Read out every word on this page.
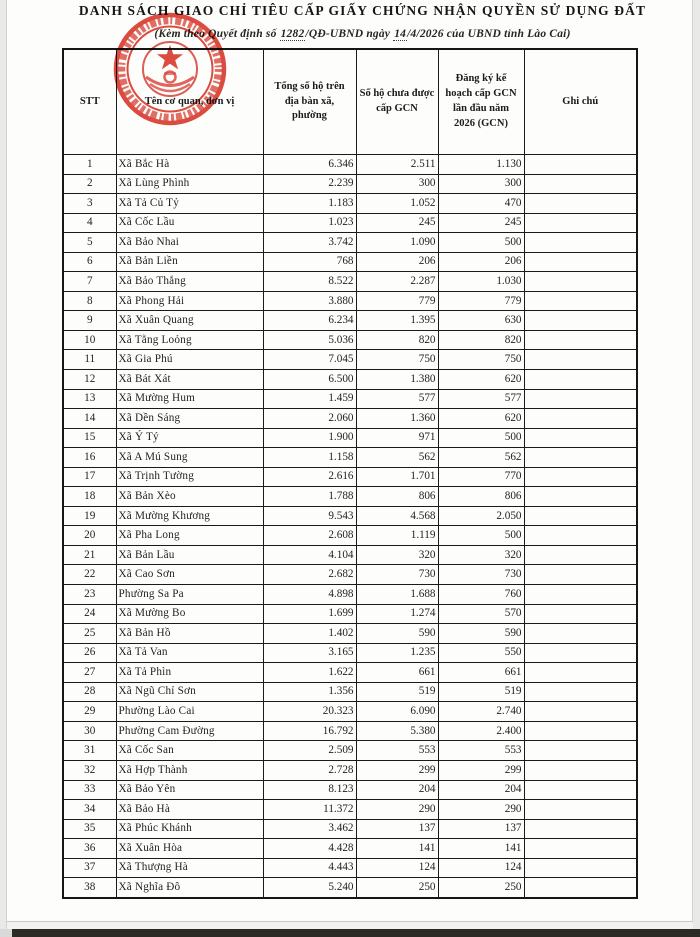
DANH SÁCH GIAO CHỈ TIÊU CẤP GIẤY CHỨNG NHẬN QUYỀN SỬ DỤNG ĐẤT
(Kèm theo Quyết định số 1282/QĐ-UBND ngày 14/4/2026 của UBND tỉnh Lào Cai)
STT	Tên cơ quan, đơn vị	Tổng số hộ trên địa bàn xã, phường	Số hộ chưa được cấp GCN	Đăng ký kế hoạch cấp GCN lần đầu năm 2026 (GCN)	Ghi chú
1	Xã Bắc Hà	6.346	2.511	1.130	
2	Xã Lùng Phình	2.239	300	300	
3	Xã Tả Củ Tỷ	1.183	1.052	470	
4	Xã Cốc Lầu	1.023	245	245	
5	Xã Bảo Nhai	3.742	1.090	500	
6	Xã Bản Liền	768	206	206	
7	Xã Bảo Thắng	8.522	2.287	1.030	
8	Xã Phong Hải	3.880	779	779	
9	Xã Xuân Quang	6.234	1.395	630	
10	Xã Tằng Loỏng	5.036	820	820	
11	Xã Gia Phú	7.045	750	750	
12	Xã Bát Xát	6.500	1.380	620	
13	Xã Mường Hum	1.459	577	577	
14	Xã Dền Sáng	2.060	1.360	620	
15	Xã Ý Tý	1.900	971	500	
16	Xã A Mú Sung	1.158	562	562	
17	Xã Trịnh Tường	2.616	1.701	770	
18	Xã Bản Xèo	1.788	806	806	
19	Xã Mường Khương	9.543	4.568	2.050	
20	Xã Pha Long	2.608	1.119	500	
21	Xã Bản Lầu	4.104	320	320	
22	Xã Cao Sơn	2.682	730	730	
23	Phường Sa Pa	4.898	1.688	760	
24	Xã Mường Bo	1.699	1.274	570	
25	Xã Bản Hồ	1.402	590	590	
26	Xã Tả Van	3.165	1.235	550	
27	Xã Tả Phìn	1.622	661	661	
28	Xã Ngũ Chỉ Sơn	1.356	519	519	
29	Phường Lào Cai	20.323	6.090	2.740	
30	Phường Cam Đường	16.792	5.380	2.400	
31	Xã Cốc San	2.509	553	553	
32	Xã Hợp Thành	2.728	299	299	
33	Xã Bảo Yên	8.123	204	204	
34	Xã Bảo Hà	11.372	290	290	
35	Xã Phúc Khánh	3.462	137	137	
36	Xã Xuân Hòa	4.428	141	141	
37	Xã Thượng Hà	4.443	124	124	
38	Xã Nghĩa Đô	5.240	250	250	
